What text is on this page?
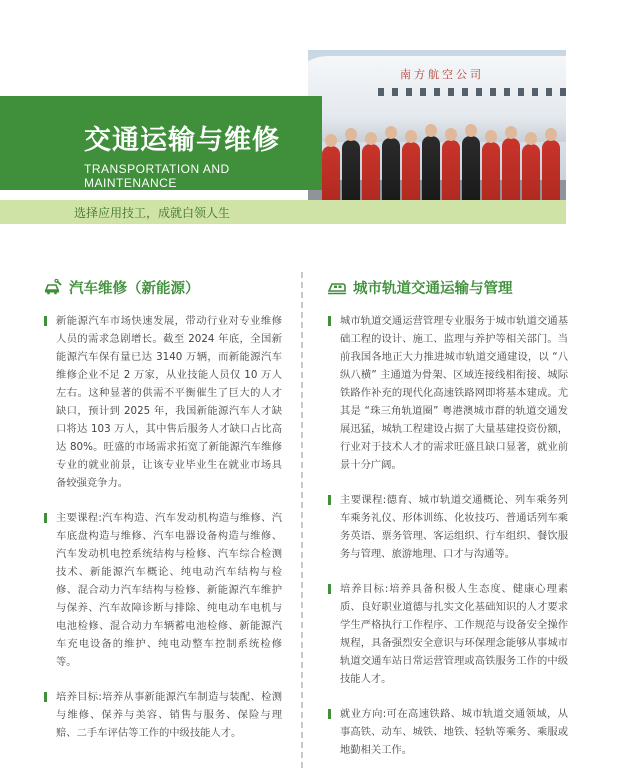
南方航空公司
交通运输与维修
TRANSPORTATION AND MAINTENANCE
选择应用技工，成就白领人生
汽车维修（新能源）

新能源汽车市场快速发展，带动行业对专业维修人员的需求急剧增长。截至 2024 年底，全国新能源汽车保有量已达 3140 万辆，而新能源汽车维修企业不足 2 万家，从业技能人员仅 10 万人左右。这种显著的供需不平衡催生了巨大的人才缺口，预计到 2025 年，我国新能源汽车人才缺口将达 103 万人，其中售后服务人才缺口占比高达 80%。旺盛的市场需求拓宽了新能源汽车维修专业的就业前景，让该专业毕业生在就业市场具备较强竞争力。

主要课程:汽车构造、汽车发动机构造与维修、汽车底盘构造与维修、汽车电器设备构造与维修、汽车发动机电控系统结构与检修、汽车综合检测技术、新能源汽车概论、纯电动汽车结构与检修、混合动力汽车结构与检修、新能源汽车维护与保养、汽车故障诊断与排除、纯电动车电机与电池检修、混合动力车辆蓄电池检修、新能源汽车充电设备的维护、纯电动整车控制系统检修等。

培养目标:培养从事新能源汽车制造与装配、检测与维修、保养与美容、销售与服务、保险与理赔、二手车评估等工作的中级技能人才。

城市轨道交通运输与管理

城市轨道交通运营管理专业服务于城市轨道交通基础工程的设计、施工、监理与养护等相关部门。当前我国各地正大力推进城市轨道交通建设，以 “八纵八横” 主通道为骨架、区域连接线相衔接、城际铁路作补充的现代化高速铁路网即将基本建成。尤其是 “珠三角轨道圈” 粤港澳城市群的轨道交通发展迅猛，城轨工程建设占据了大量基建投资份额，行业对于技术人才的需求旺盛且缺口显著，就业前景十分广阔。

主要课程:德育、城市轨道交通概论、列车乘务列车乘务礼仪、形体训练、化妆技巧、普通话列车乘务英语、票务管理、客运组织、行车组织、餐饮服务与管理、旅游地理、口才与沟通等。

培养目标:培养具备积极人生态度、健康心理素质、良好职业道德与扎实文化基础知识的人才要求学生严格执行工作程序、工作规范与设备安全操作规程，具备强烈安全意识与环保理念能够从事城市轨道交通车站日常运营管理或高铁服务工作的中级技能人才。

就业方向:可在高速铁路、城市轨道交通领域，从事高铁、动车、城铁、地铁、轻轨等乘务、乘服或地勤相关工作。
